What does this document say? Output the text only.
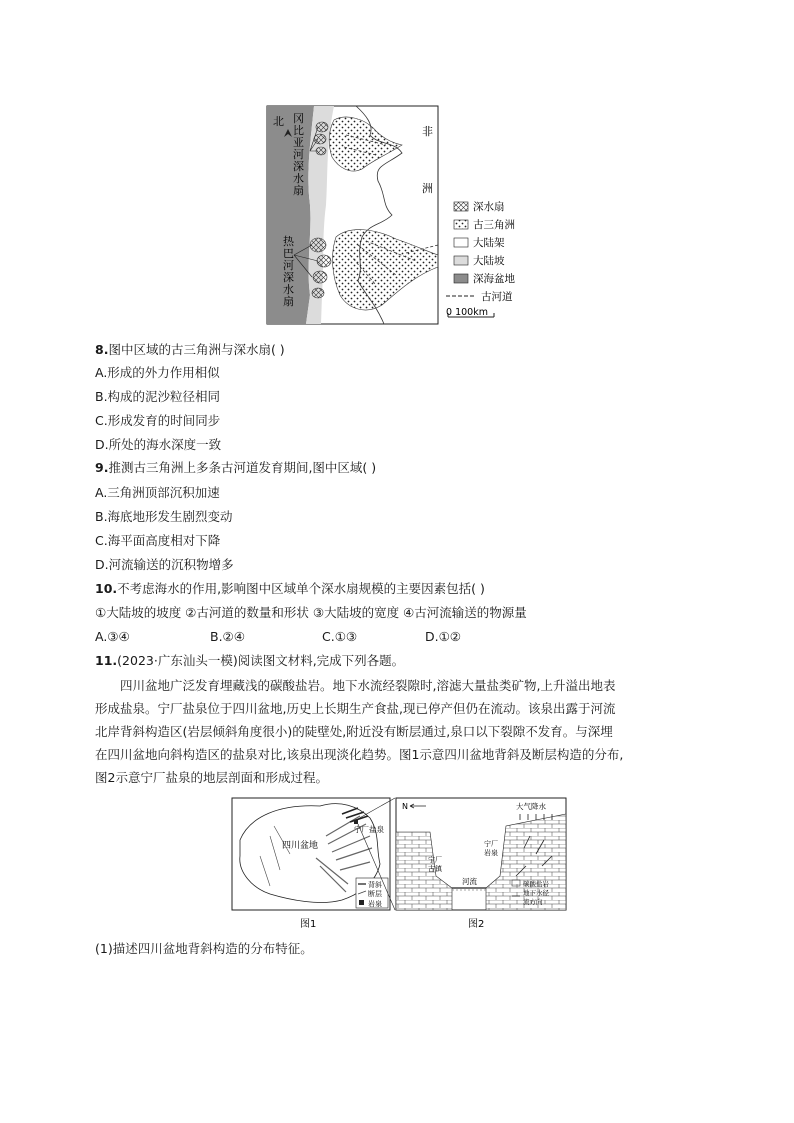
北 冈 比 亚 河 深 水 扇
热 巴 河 深 水 扇
非
洲
深水扇
古三角洲
大陆架
大陆坡
深海盆地
古河道
0 100km
8.图中区域的古三角洲与深水扇( )
A.形成的外力作用相似
B.构成的泥沙粒径相同
C.形成发育的时间同步
D.所处的海水深度一致
9.推测古三角洲上多条古河道发育期间,图中区域( )
A.三角洲顶部沉积加速
B.海底地形发生剧烈变动
C.海平面高度相对下降
D.河流输送的沉积物增多
10.不考虑海水的作用,影响图中区域单个深水扇规模的主要因素包括( )
①大陆坡的坡度 ②古河道的数量和形状 ③大陆坡的宽度 ④古河流输送的物源量
A.③④	B.②④	C.①③	D.①②
11.(2023·广东汕头一模)阅读图文材料,完成下列各题。
四川盆地广泛发育埋藏浅的碳酸盐岩。地下水流经裂隙时,溶滤大量盐类矿物,上升溢出地表
形成盐泉。宁厂盐泉位于四川盆地,历史上长期生产食盐,现已停产但仍在流动。该泉出露于河流
北岸背斜构造区(岩层倾斜角度很小)的陡壁处,附近没有断层通过,泉口以下裂隙不发育。与深埋
在四川盆地向斜构造区的盐泉对比,该泉出现淡化趋势。图1示意四川盆地背斜及断层构造的分布,
图2示意宁厂盐泉的地层剖面和形成过程。
四川盆地
宁厂盐泉
背斜
断层
岩泉
N	大气降水
宁厂 古镇
宁厂 岩泉
河流	碳酸盐岩
地下水径
流方向
图1	图2
(1)描述四川盆地背斜构造的分布特征。
